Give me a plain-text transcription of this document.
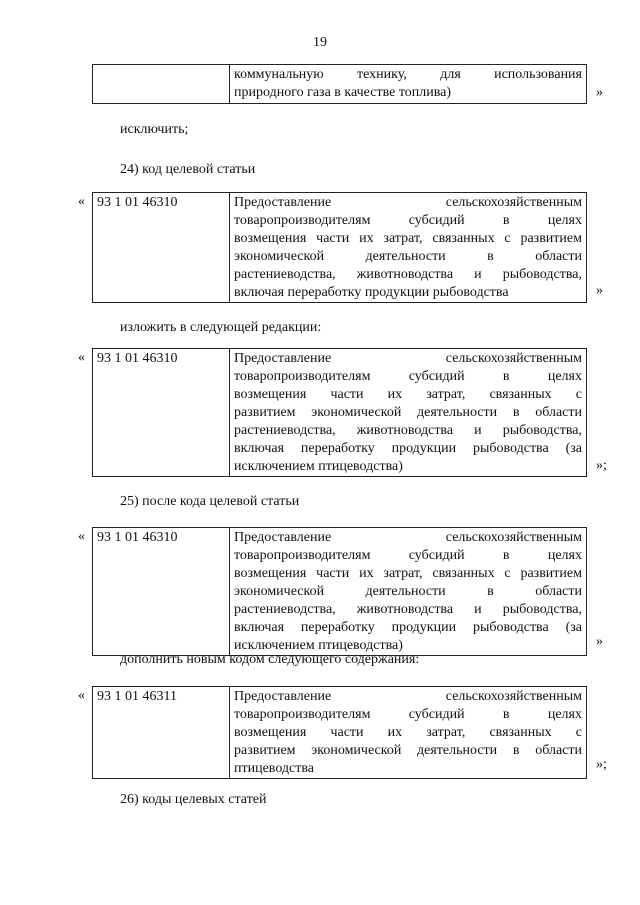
19

коммунальную технику, для использования
природного газа в качестве топлива)	»
исключить;
24) код целевой статьи
« 93 1 01 46310	Предоставление сельскохозяйственным
товаропроизводителям субсидий в целях
возмещения части их затрат, связанных с развитием
экономической деятельности в области
растениеводства, животноводства и рыбоводства,
включая переработку продукции рыбоводства	»
изложить в следующей редакции:
« 93 1 01 46310	Предоставление сельскохозяйственным
товаропроизводителям субсидий в целях
возмещения части их затрат, связанных с
развитием экономической деятельности в области
растениеводства, животноводства и рыбоводства,
включая переработку продукции рыбоводства (за
исключением птицеводства)	»;
25) после кода целевой статьи
« 93 1 01 46310	Предоставление сельскохозяйственным
товаропроизводителям субсидий в целях
возмещения части их затрат, связанных с развитием
экономической деятельности в области
растениеводства, животноводства и рыбоводства,
включая переработку продукции рыбоводства (за
исключением птицеводства)	»
дополнить новым кодом следующего содержания:
« 93 1 01 46311	Предоставление сельскохозяйственным
товаропроизводителям субсидий в целях
возмещения части их затрат, связанных с
развитием экономической деятельности в области
птицеводства	»;
26) коды целевых статей
